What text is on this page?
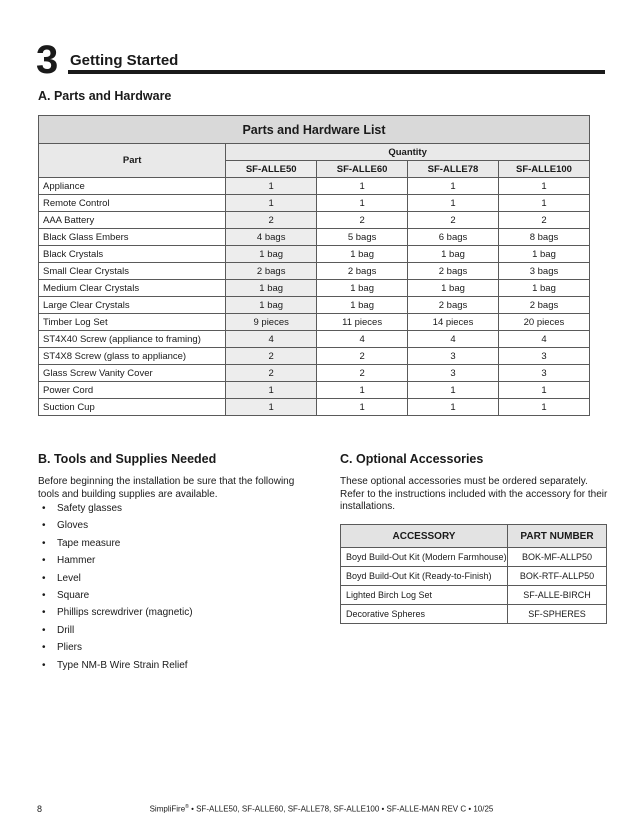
3 Getting Started
A. Parts and Hardware
Parts and Hardware List				
Part	Quantity			
	SF-ALLE50	SF-ALLE60	SF-ALLE78	SF-ALLE100
Appliance	1	1	1	1
Remote Control	1	1	1	1
AAA Battery	2	2	2	2
Black Glass Embers	4 bags	5 bags	6 bags	8 bags
Black Crystals	1 bag	1 bag	1 bag	1 bag
Small Clear Crystals	2 bags	2 bags	2 bags	3 bags
Medium Clear Crystals	1 bag	1 bag	1 bag	1 bag
Large Clear Crystals	1 bag	1 bag	2 bags	2 bags
Timber Log Set	9 pieces	11 pieces	14 pieces	20 pieces
ST4X40 Screw (appliance to framing)	4	4	4	4
ST4X8 Screw (glass to appliance)	2	2	3	3
Glass Screw Vanity Cover	2	2	3	3
Power Cord	1	1	1	1
Suction Cup	1	1	1	1
B. Tools and Supplies Needed
Before beginning the installation be sure that the following tools and building supplies are available.
• Safety glasses
• Gloves
• Tape measure
• Hammer
• Level
• Square
• Phillips screwdriver (magnetic)
• Drill
• Pliers
• Type NM-B Wire Strain Relief
C. Optional Accessories
These optional accessories must be ordered separately. Refer to the instructions included with the accessory for their installations.
ACCESSORY	PART NUMBER
Boyd Build-Out Kit (Modern Farmhouse)	BOK-MF-ALLP50
Boyd Build-Out Kit (Ready-to-Finish)	BOK-RTF-ALLP50
Lighted Birch Log Set	SF-ALLE-BIRCH
Decorative Spheres	SF-SPHERES
8	SimpliFire® • SF-ALLE50, SF-ALLE60, SF-ALLE78, SF-ALLE100 • SF-ALLE-MAN REV C • 10/25
